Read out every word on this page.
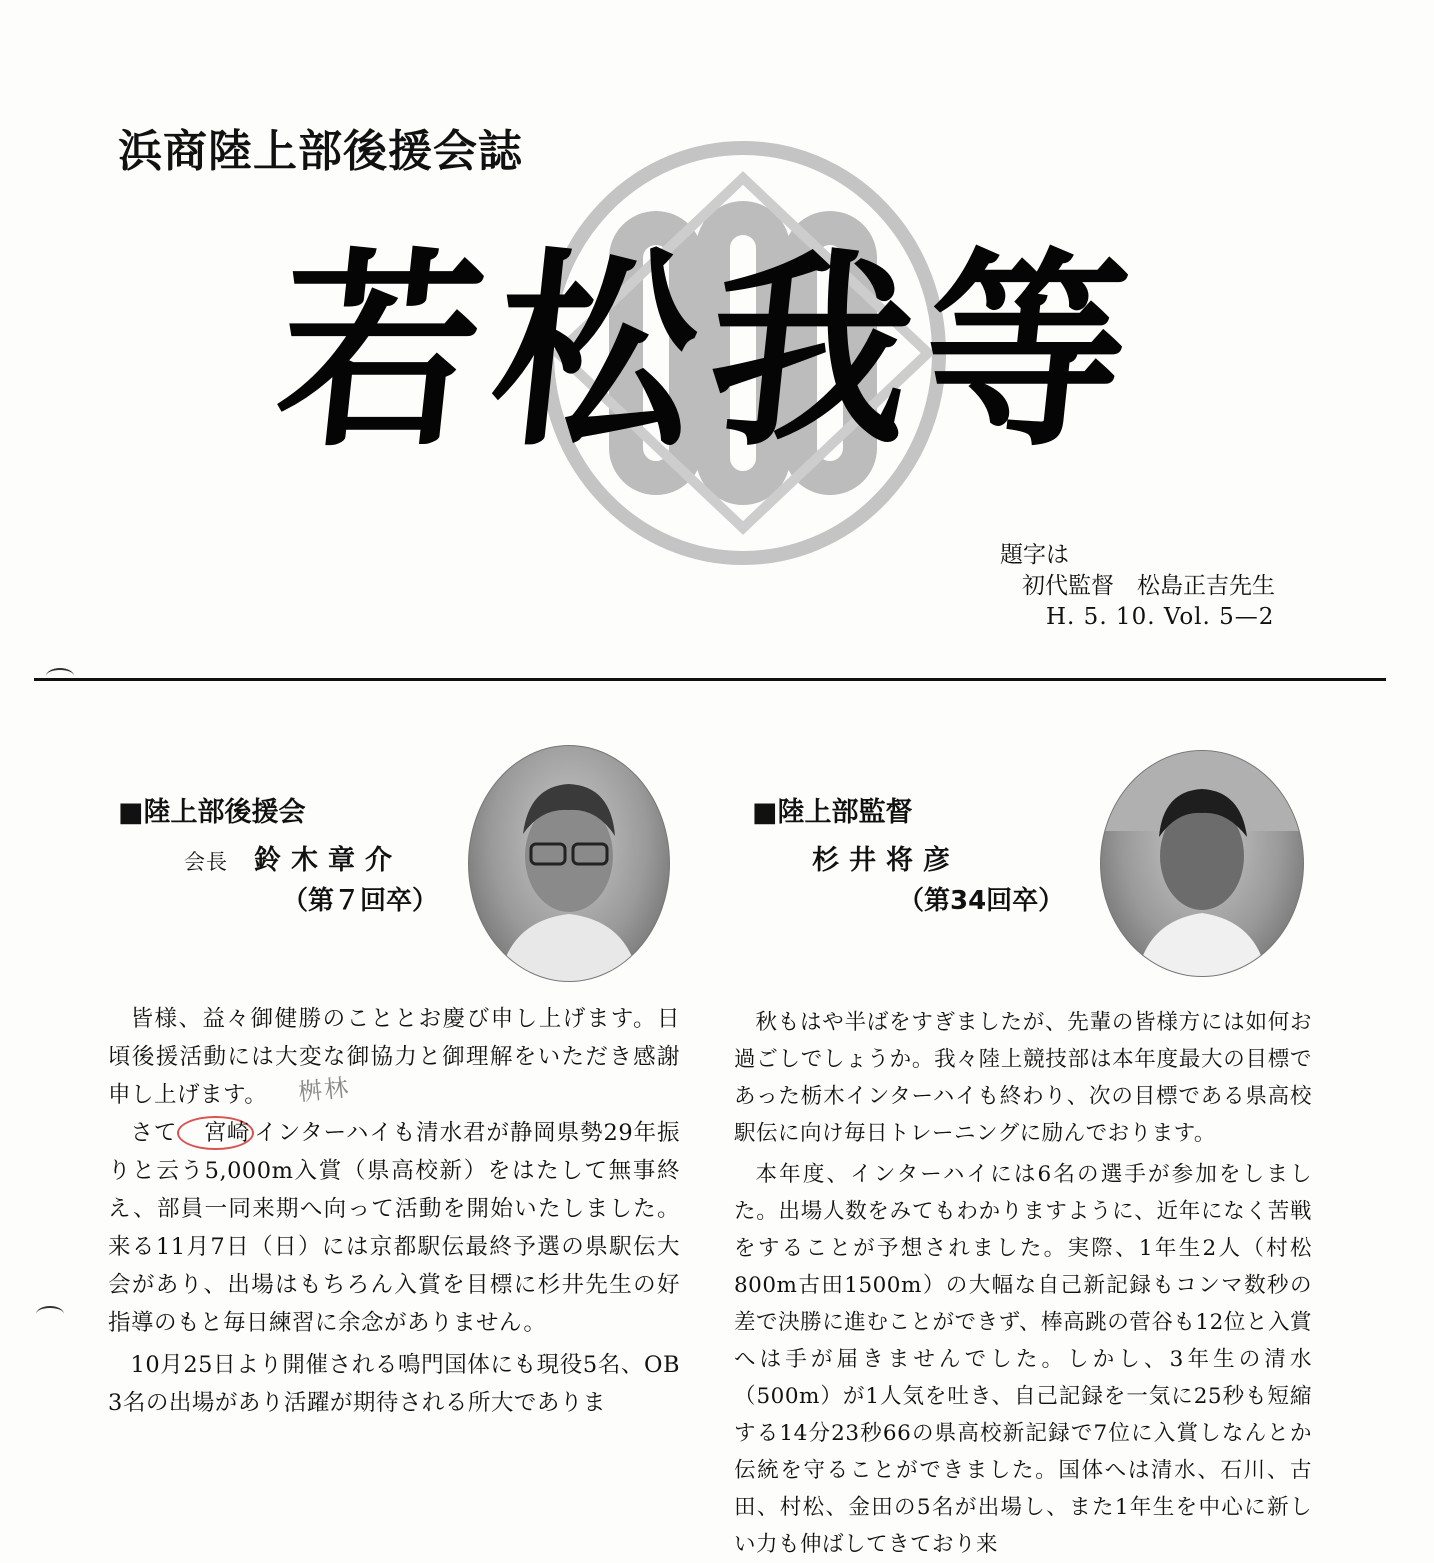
浜商陸上部後援会誌
若松我等
題字は
初代監督　松島正吉先生
H. 5. 10. Vol. 5—2
■陸上部後援会
会長 鈴木章介
（第７回卒）

皆様、益々御健勝のこととお慶び申し上げます。日頃後援活動には大変な御協力と御理解をいただき感謝申し上げます。

さて 宮崎 インターハイも清水君が静岡県勢29年振りと云う5,000m入賞（県高校新）をはたして無事終え、部員一同来期へ向って活動を開始いたしました。来る11月7日（日）には京都駅伝最終予選の県駅伝大会があり、出場はもちろん入賞を目標に杉井先生の好指導のもと毎日練習に余念がありません。

10月25日より開催される鳴門国体にも現役5名、OB 3名の出場があり活躍が期待される所大でありま

桝林
■陸上部監督
杉井将彦
（第34回卒）

秋もはや半ばをすぎましたが、先輩の皆様方には如何お過ごしでしょうか。我々陸上競技部は本年度最大の目標であった栃木インターハイも終わり、次の目標である県高校駅伝に向け毎日トレーニングに励んでおります。

本年度、インターハイには6名の選手が参加をしました。出場人数をみてもわかりますように、近年になく苦戦をすることが予想されました。実際、1年生2人（村松800m古田1500m）の大幅な自己新記録もコンマ数秒の差で決勝に進むことができず、棒高跳の菅谷も12位と入賞へは手が届きませんでした。しかし、3年生の清水（500m）が1人気を吐き、自己記録を一気に25秒も短縮する14分23秒66の県高校新記録で7位に入賞しなんとか伝統を守ることができました。国体へは清水、石川、古田、村松、金田の5名が出場し、また1年生を中心に新しい力も伸ばしてきており来
